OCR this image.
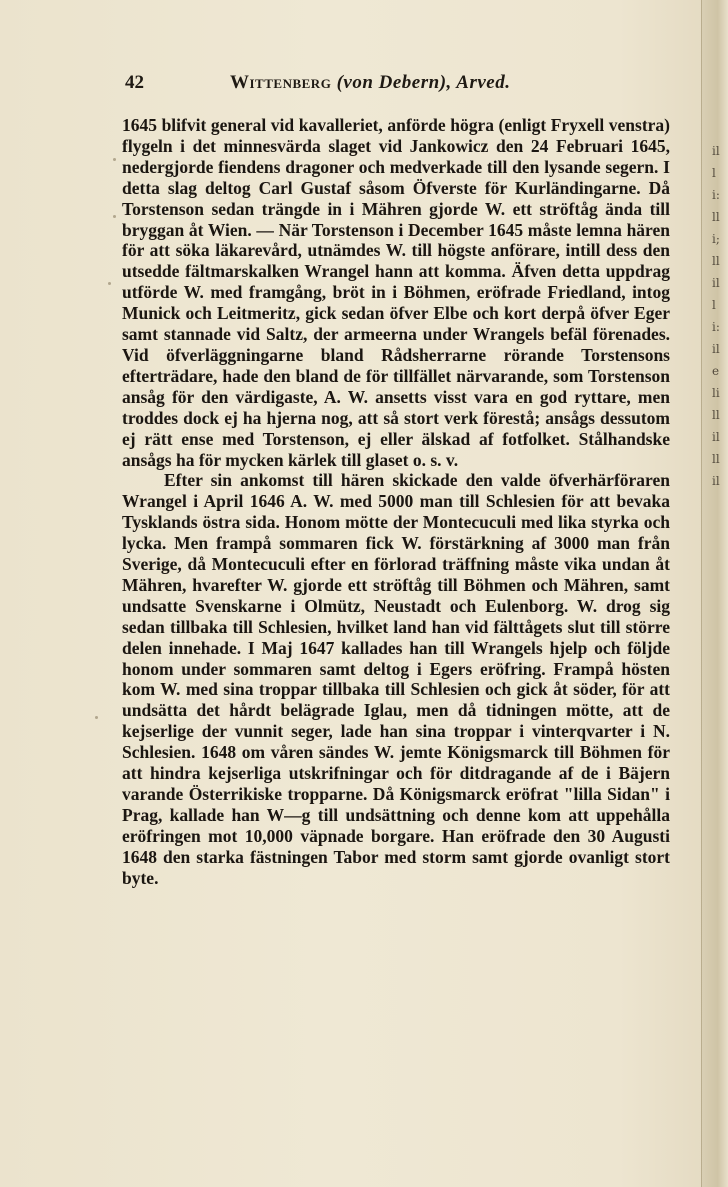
42	Wittenberg (von Debern), Arved.

1645 blifvit general vid kavalleriet, anförde högra (enligt Fryxell venstra) flygeln i det minnesvärda slaget vid Jankowicz den 24 Februari 1645, nedergjorde fiendens dragoner och medverkade till den lysande segern. I detta slag deltog Carl Gustaf såsom Öfverste för Kurländingarne. Då Torstenson sedan trängde in i Mähren gjorde W. ett ströftåg ända till bryggan åt Wien. — När Torstenson i December 1645 måste lemna hären för att söka läkarevård, utnämdes W. till högste anförare, intill dess den utsedde fältmarskalken Wrangel hann att komma. Äfven detta uppdrag utförde W. med framgång, bröt in i Böhmen, eröfrade Friedland, intog Munick och Leitmeritz, gick sedan öfver Elbe och kort derpå öfver Eger samt stannade vid Saltz, der armeerna under Wrangels befäl förenades. Vid öfverläggningarne bland Rådsherrarne rörande Torstensons efterträdare, hade den bland de för tillfället närvarande, som Torstenson ansåg för den värdigaste, A. W. ansetts visst vara en god ryttare, men troddes dock ej ha hjerna nog, att så stort verk förestå; ansågs dessutom ej rätt ense med Torstenson, ej eller älskad af fotfolket. Stålhandske ansågs ha för mycken kärlek till glaset o. s. v.

Efter sin ankomst till hären skickade den valde öfverhärföraren Wrangel i April 1646 A. W. med 5000 man till Schlesien för att bevaka Tysklands östra sida. Honom mötte der Montecuculi med lika styrka och lycka. Men frampå sommaren fick W. förstärkning af 3000 man från Sverige, då Montecuculi efter en förlorad träffning måste vika undan åt Mähren, hvarefter W. gjorde ett ströftåg till Böhmen och Mähren, samt undsatte Svenskarne i Olmütz, Neustadt och Eulenborg. W. drog sig sedan tillbaka till Schlesien, hvilket land han vid fälttågets slut till större delen innehade. I Maj 1647 kallades han till Wrangels hjelp och följde honom under sommaren samt deltog i Egers eröfring. Frampå hösten kom W. med sina troppar tillbaka till Schlesien och gick åt söder, för att undsätta det hårdt belägrade Iglau, men då tidningen mötte, att de kejserlige der vunnit seger, lade han sina troppar i vinterqvarter i N. Schlesien. 1648 om våren sändes W. jemte Königsmarck till Böhmen för att hindra kejserliga utskrifningar och för ditdragande af de i Bäjern varande Österrikiske tropparne. Då Königsmarck eröfrat "lilla Sidan" i Prag, kallade han W—g till undsättning och denne kom att uppehålla eröfringen mot 10,000 väpnade borgare. Han eröfrade den 30 Augusti 1648 den starka fästningen Tabor med storm samt gjorde ovanligt stort byte.

illi:lli;llilli:ilelillilllil
